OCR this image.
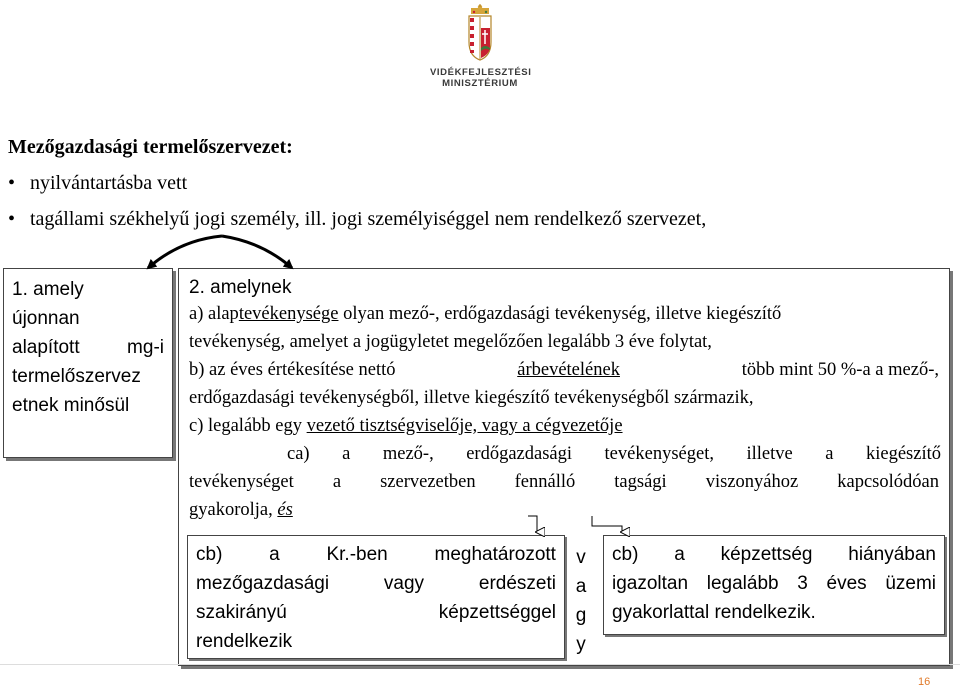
VIDÉKFEJLESZTÉSI
MINISZTÉRIUM
Mezőgazdasági termelőszervezet:
• nyilvántartásba vett
• tagállami székhelyű jogi személy, ill. jogi személyiséggel nem rendelkező szervezet,
1. amely
újonnan
alapított mg-i
termelőszervez
etnek minősül
2. amelynek
a) alaptevékenysége olyan mező-, erdőgazdasági tevékenység, illetve kiegészítő
tevékenység, amelyet a jogügyletet megelőzően legalább 3 éve folytat,
b) az éves értékesítése nettó	árbevételének	több mint 50 %-a a mező-,
erdőgazdasági tevékenységből, illetve kiegészítő tevékenységből származik,
c) legalább egy vezető tisztségviselője, vagy a cégvezetője
ca) a mező-, erdőgazdasági tevékenységet, illetve a kiegészítő
tevékenységet a szervezetben fennálló tagsági viszonyához kapcsolódóan
gyakorolja, és
cb) a Kr.-ben meghatározott
mezőgazdasági	vagy	erdészeti
szakirányú	képzettséggel
rendelkezik
v
a
g
y
cb) a képzettség hiányában
igazoltan legalább 3 éves üzemi
gyakorlattal rendelkezik.
16
